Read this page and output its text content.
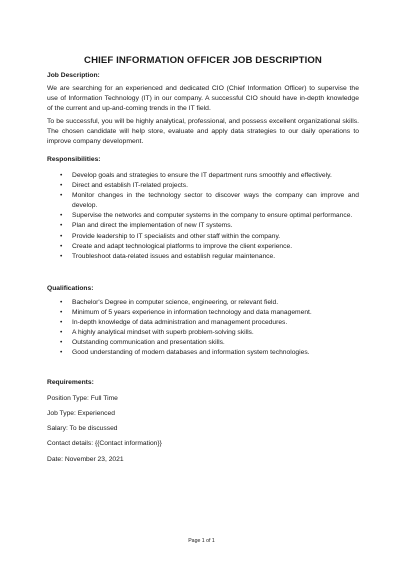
CHIEF INFORMATION OFFICER JOB DESCRIPTION
Job Description:
We are searching for an experienced and dedicated CIO (Chief Information Officer) to supervise the use of Information Technology (IT) in our company. A successful CIO should have in-depth knowledge of the current and up-and-coming trends in the IT field.
To be successful, you will be highly analytical, professional, and possess excellent organizational skills. The chosen candidate will help store, evaluate and apply data strategies to our daily operations to improve company development.
Responsibilities:
• Develop goals and strategies to ensure the IT department runs smoothly and effectively.
• Direct and establish IT-related projects.
• Monitor changes in the technology sector to discover ways the company can improve and develop.
• Supervise the networks and computer systems in the company to ensure optimal performance.
• Plan and direct the implementation of new IT systems.
• Provide leadership to IT specialists and other staff within the company.
• Create and adapt technological platforms to improve the client experience.
• Troubleshoot data-related issues and establish regular maintenance.
Qualifications:
• Bachelor's Degree in computer science, engineering, or relevant field.
• Minimum of 5 years experience in information technology and data management.
• In-depth knowledge of data administration and management procedures.
• A highly analytical mindset with superb problem-solving skills.
• Outstanding communication and presentation skills.
• Good understanding of modern databases and information system technologies.
Requirements:
Position Type: Full Time
Job Type: Experienced
Salary: To be discussed
Contact details: {{Contact information}}
Date: November 23, 2021
Page 1 of 1
